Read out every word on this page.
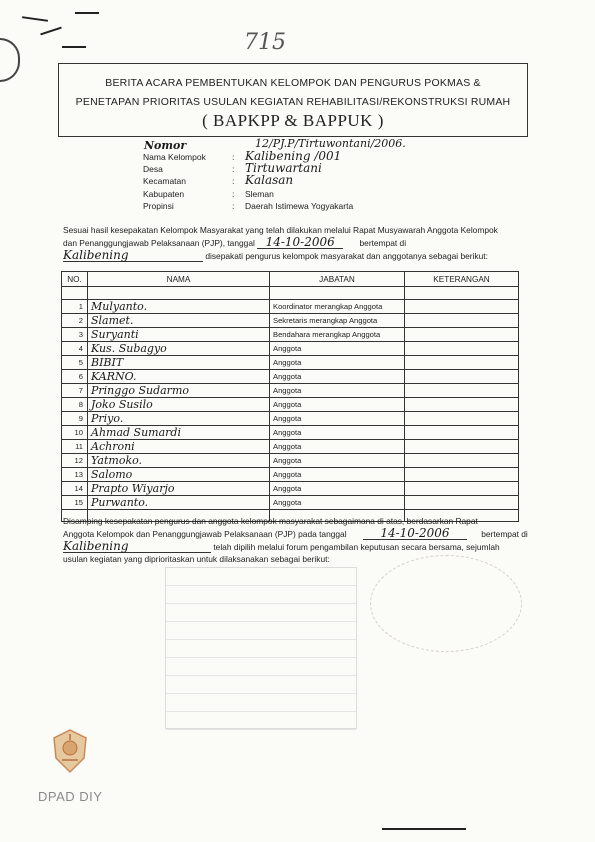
715
BERITA ACARA PEMBENTUKAN KELOMPOK DAN PENGURUS POKMAS &
PENETAPAN PRIORITAS USULAN KEGIATAN REHABILITASI/REKONSTRUKSI RUMAH
( BAPKPP & BAPPUK )
Nomor	12/PJ.P/Tirtuwontani/2006.
Nama Kelompok	: Kalibening /001
Desa	: Tirtuwartani
Kecamatan	: Kalasan
Kabupaten	: Sleman
Propinsi	: Daerah Istimewa Yogyakarta
Sesuai hasil kesepakatan Kelompok Masyarakat yang telah dilakukan melalui Rapat Musyawarah Anggota Kelompok
dan Penanggungjawab Pelaksanaan (PJP), tanggal 14-10-2006	bertempat di
Kalibening	disepakati pengurus kelompok masyarakat dan anggotanya sebagai berikut:
NO.	NAMA	JABATAN	KETERANGAN

1	Mulyanto.	Koordinator merangkap Anggota	
2	Slamet.	Sekretaris merangkap Anggota	
3	Suryanti	Bendahara merangkap Anggota	
4	Kus. Subagyo	Anggota	
5	BIBIT	Anggota	
6	KARNO.	Anggota	
7	Pringgo Sudarmo	Anggota	
8	Joko Susilo	Anggota	
9	Priyo.	Anggota	
10	Ahmad Sumardi	Anggota	
11	Achroni	Anggota	
12	Yatmoko.	Anggota	
13	Salomo	Anggota	
14	Prapto Wiyarjo	Anggota	
15	Purwanto.	Anggota	

Disamping kesepakatan pengurus dan anggota kelompok masyarakat sebagaimana di atas, berdasarkan Rapat
Anggota Kelompok dan Penanggungjawab Pelaksanaan (PJP) pada tanggal	14-10-2006	bertempat di
Kalibening	telah dipilih melalui forum pengambilan keputusan secara bersama, sejumlah
usulan kegiatan yang diprioritaskan untuk dilaksanakan sebagai berikut:
DPAD DIY
